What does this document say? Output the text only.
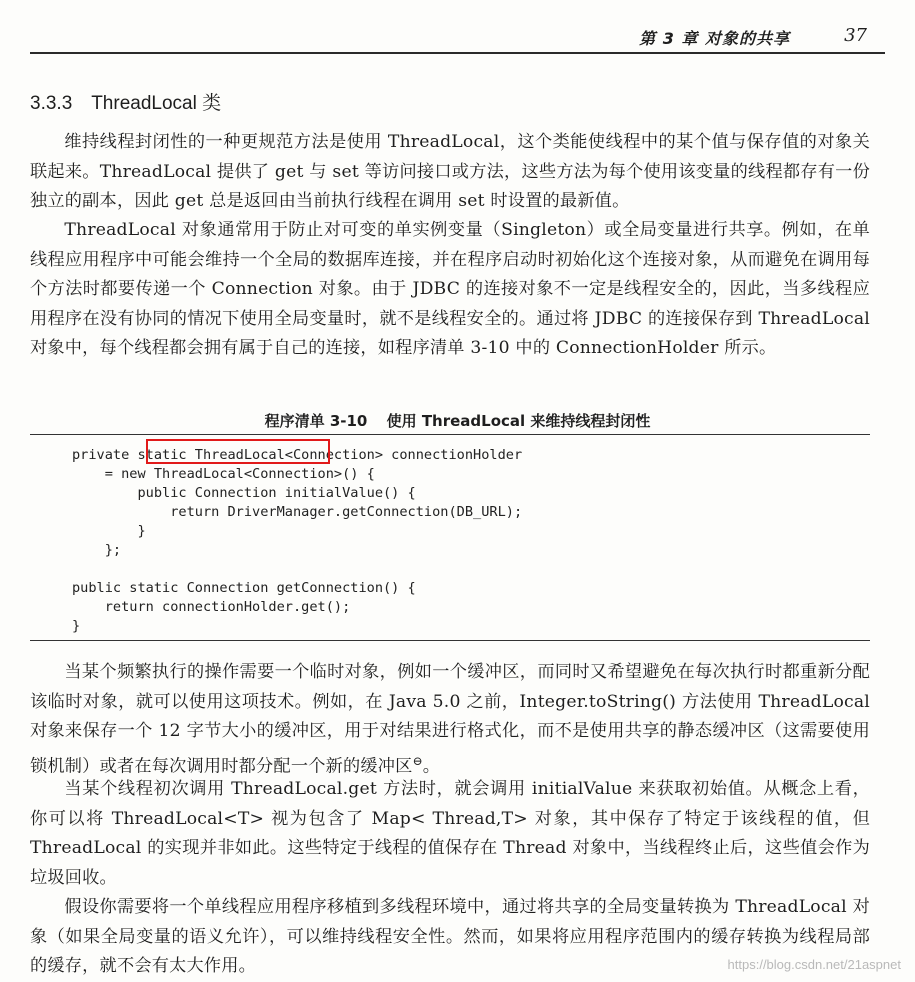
第 3 章 对象的共享	37
3.3.3 ThreadLocal 类

维持线程封闭性的一种更规范方法是使用 ThreadLocal，这个类能使线程中的某个值与保存值的对象关联起来。ThreadLocal 提供了 get 与 set 等访问接口或方法，这些方法为每个使用该变量的线程都存有一份独立的副本，因此 get 总是返回由当前执行线程在调用 set 时设置的最新值。

ThreadLocal 对象通常用于防止对可变的单实例变量（Singleton）或全局变量进行共享。例如，在单线程应用程序中可能会维持一个全局的数据库连接，并在程序启动时初始化这个连接对象，从而避免在调用每个方法时都要传递一个 Connection 对象。由于 JDBC 的连接对象不一定是线程安全的，因此，当多线程应用程序在没有协同的情况下使用全局变量时，就不是线程安全的。通过将 JDBC 的连接保存到 ThreadLocal 对象中，每个线程都会拥有属于自己的连接，如程序清单 3-10 中的 ConnectionHolder 所示。

程序清单 3-10 使用 ThreadLocal 来维持线程封闭性
private static ThreadLocal<Connection> connectionHolder
= new ThreadLocal<Connection>() {
public Connection initialValue() {
return DriverManager.getConnection(DB_URL);
}
};
public static Connection getConnection() {
return connectionHolder.get();
}

当某个频繁执行的操作需要一个临时对象，例如一个缓冲区，而同时又希望避免在每次执行时都重新分配该临时对象，就可以使用这项技术。例如，在 Java 5.0 之前，Integer.toString() 方法使用 ThreadLocal 对象来保存一个 12 字节大小的缓冲区，用于对结果进行格式化，而不是使用共享的静态缓冲区（这需要使用锁机制）或者在每次调用时都分配一个新的缓冲区⊖。

当某个线程初次调用 ThreadLocal.get 方法时，就会调用 initialValue 来获取初始值。从概念上看，你可以将 ThreadLocal<T> 视为包含了 Map< Thread,T> 对象，其中保存了特定于该线程的值，但 ThreadLocal 的实现并非如此。这些特定于线程的值保存在 Thread 对象中，当线程终止后，这些值会作为垃圾回收。

假设你需要将一个单线程应用程序移植到多线程环境中，通过将共享的全局变量转换为 ThreadLocal 对象（如果全局变量的语义允许），可以维持线程安全性。然而，如果将应用程序范围内的缓存转换为线程局部的缓存，就不会有太大作用。	https://blog.csdn.net/21aspnet
